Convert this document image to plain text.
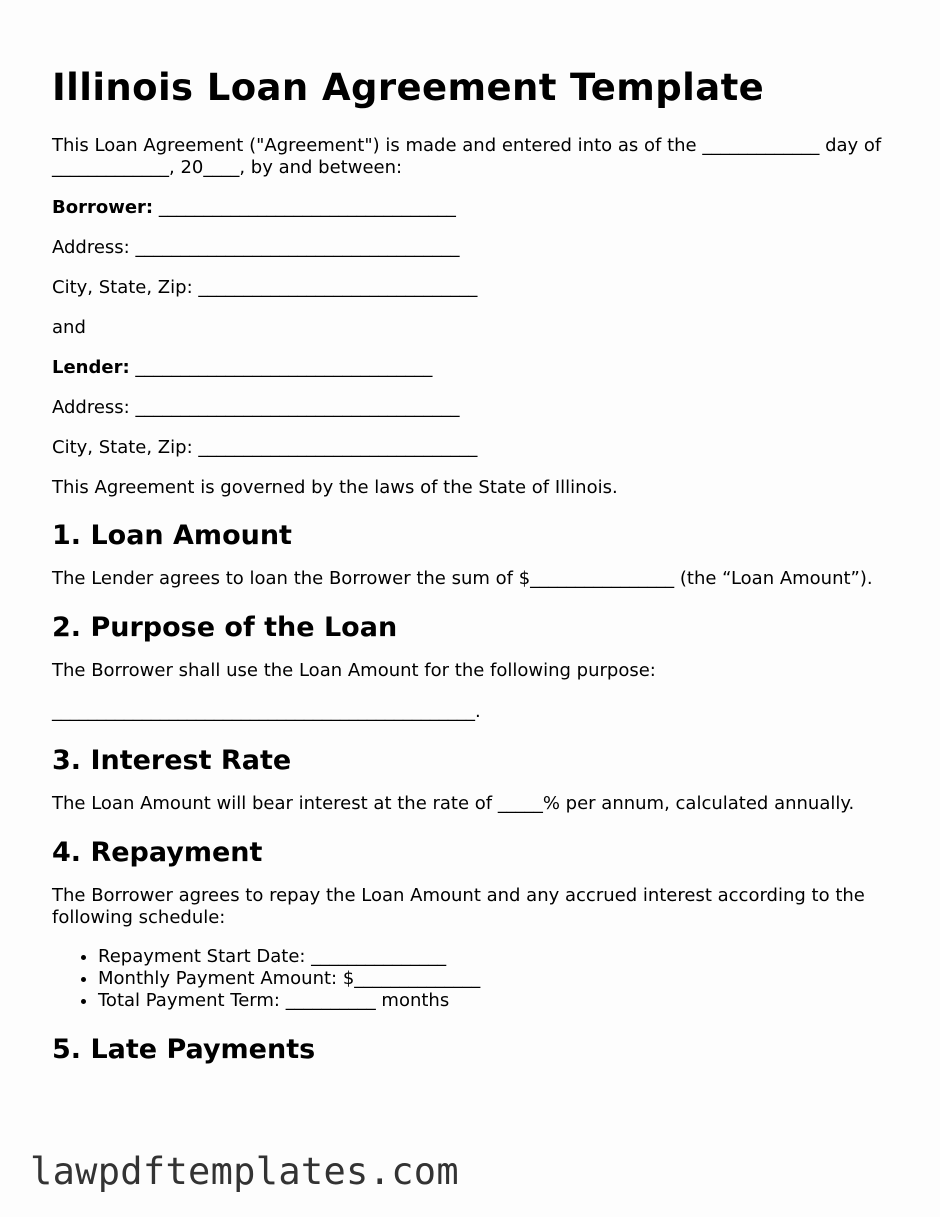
Illinois Loan Agreement Template

This Loan Agreement ("Agreement") is made and entered into as of the _____________ day of _____________, 20____, by and between:

Borrower: _________________________________

Address: ____________________________________

City, State, Zip: _______________________________

and

Lender: _________________________________

Address: ____________________________________

City, State, Zip: _______________________________

This Agreement is governed by the laws of the State of Illinois.

1. Loan Amount

The Lender agrees to loan the Borrower the sum of $________________ (the “Loan Amount”).

2. Purpose of the Loan

The Borrower shall use the Loan Amount for the following purpose:

_______________________________________________.

3. Interest Rate

The Loan Amount will bear interest at the rate of _____% per annum, calculated annually.

4. Repayment

The Borrower agrees to repay the Loan Amount and any accrued interest according to the following schedule:

• Repayment Start Date: _______________
• Monthly Payment Amount: $______________
• Total Payment Term: __________ months
5. Late Payments
lawpdftemplates.com
